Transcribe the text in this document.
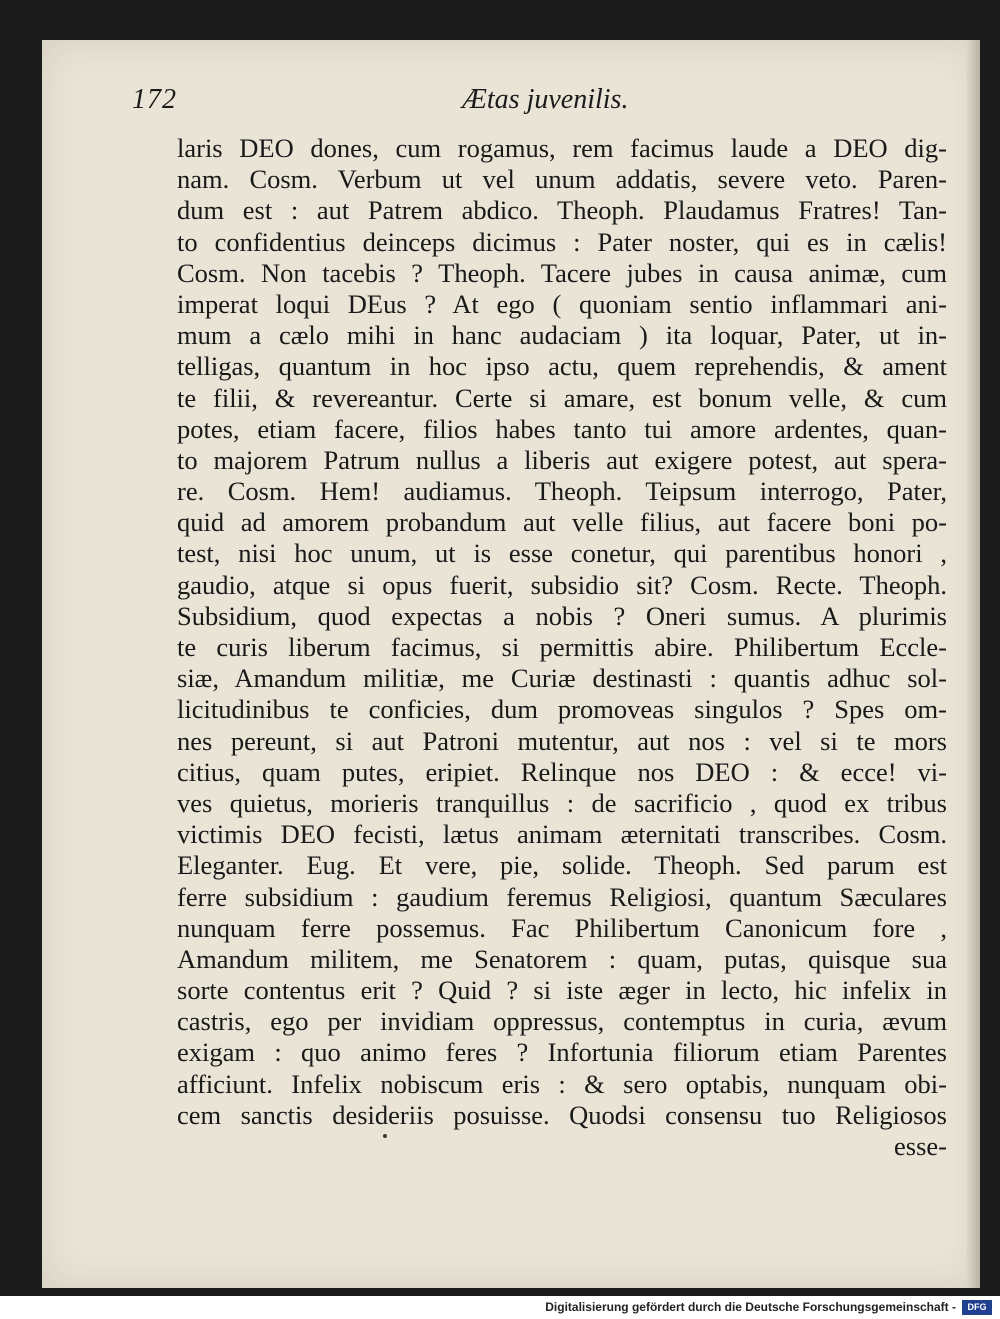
172	Ætas juvenilis.
laris DEO dones, cum rogamus, rem facimus laude a DEO dig-
nam. Cosm. Verbum ut vel unum addatis, severe veto. Paren-
dum est : aut Patrem abdico. Theoph. Plaudamus Fratres! Tan-
to confidentius deinceps dicimus : Pater noster, qui es in cælis!
Cosm. Non tacebis ? Theoph. Tacere jubes in causa animæ, cum
imperat loqui DEus ? At ego ( quoniam sentio inflammari ani-
mum a cælo mihi in hanc audaciam ) ita loquar, Pater, ut in-
telligas, quantum in hoc ipso actu, quem reprehendis, & ament
te filii, & revereantur. Certe si amare, est bonum velle, & cum
potes, etiam facere, filios habes tanto tui amore ardentes, quan-
to majorem Patrum nullus a liberis aut exigere potest, aut spera-
re. Cosm. Hem! audiamus. Theoph. Teipsum interrogo, Pater,
quid ad amorem probandum aut velle filius, aut facere boni po-
test, nisi hoc unum, ut is esse conetur, qui parentibus honori ,
gaudio, atque si opus fuerit, subsidio sit? Cosm. Recte. Theoph.
Subsidium, quod expectas a nobis ? Oneri sumus. A plurimis
te curis liberum facimus, si permittis abire. Philibertum Eccle-
siæ, Amandum militiæ, me Curiæ destinasti : quantis adhuc sol-
licitudinibus te conficies, dum promoveas singulos ? Spes om-
nes pereunt, si aut Patroni mutentur, aut nos : vel si te mors
citius, quam putes, eripiet. Relinque nos DEO : & ecce! vi-
ves quietus, morieris tranquillus : de sacrificio , quod ex tribus
victimis DEO fecisti, lætus animam æternitati transcribes. Cosm.
Eleganter. Eug. Et vere, pie, solide. Theoph. Sed parum est
ferre subsidium : gaudium feremus Religiosi, quantum Sæculares
nunquam ferre possemus. Fac Philibertum Canonicum fore ,
Amandum militem, me Senatorem : quam, putas, quisque sua
sorte contentus erit ? Quid ? si iste æger in lecto, hic infelix in
castris, ego per invidiam oppressus, contemptus in curia, ævum
exigam : quo animo feres ? Infortunia filiorum etiam Parentes
afficiunt. Infelix nobiscum eris : & sero optabis, nunquam obi-
cem sanctis desideriis posuisse. Quodsi consensu tuo Religiosos
esse-
Digitalisierung gefördert durch die Deutsche Forschungsgemeinschaft -	DFG
